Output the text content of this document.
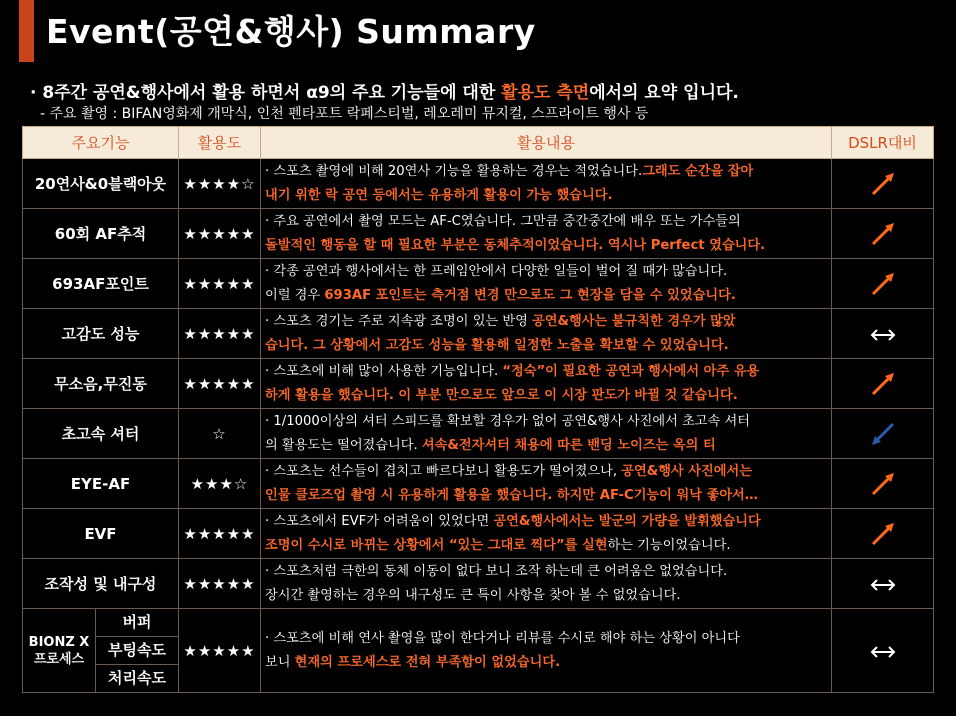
Event(공연&행사) Summary
· 8주간 공연&행사에서 활용 하면서 α9의 주요 기능들에 대한 활용도 측면에서의 요약 입니다.
- 주요 촬영 : BIFAN영화제 개막식, 인천 펜타포트 락페스티벌, 레오레미 뮤지컬, 스프라이트 행사 등
주요기능	활용도	활용내용	DSLR대비
20연사&0블랙아웃	★★★★☆	
· 스포츠 촬영에 비해 20연사 기능을 활용하는 경우는 적었습니다.그래도 순간을 잡아
내기 위한 락 공연 등에서는 유용하게 활용이 가능 했습니다.

60회 AF추적	★★★★★	
· 주요 공연에서 촬영 모드는 AF-C였습니다. 그만큼 중간중간에 배우 또는 가수들의
돌발적인 행동을 할 때 필요한 부분은 동체추적이었습니다. 역시나 Perfect 였습니다.

693AF포인트	★★★★★	
· 각종 공연과 행사에서는 한 프레임안에서 다양한 일들이 벌어 질 때가 많습니다.
이럴 경우 693AF 포인트는 측거점 변경 만으로도 그 현장을 담을 수 있었습니다.

고감도 성능	★★★★★	
· 스포츠 경기는 주로 지속광 조명이 있는 반영 공연&행사는 불규칙한 경우가 많았
습니다. 그 상황에서 고감도 성능을 활용해 일정한 노출을 확보할 수 있었습니다.

무소음,무진동	★★★★★	
· 스포츠에 비해 많이 사용한 기능입니다. “정숙”이 필요한 공연과 행사에서 아주 유용
하게 활용을 했습니다. 이 부분 만으로도 앞으로 이 시장 판도가 바뀔 것 같습니다.

초고속 셔터	☆	
· 1/1000이상의 셔터 스피드를 확보할 경우가 없어 공연&행사 사진에서 초고속 셔터
의 활용도는 떨어졌습니다. 셔속&전자셔터 채용에 따른 밴딩 노이즈는 옥의 티

EYE-AF	★★★☆	
· 스포츠는 선수들이 겹치고 빠르다보니 활용도가 떨어졌으나, 공연&행사 사진에서는
인물 클로즈업 촬영 시 유용하게 활용을 했습니다. 하지만 AF-C기능이 워낙 좋아서…

EVF	★★★★★	
· 스포츠에서 EVF가 어려움이 있었다면 공연&행사에서는 발군의 가량을 발휘했습니다
조명이 수시로 바뀌는 상황에서 “있는 그대로 찍다”를 실현하는 기능이었습니다.

조작성 및 내구성	★★★★★	
· 스포츠처럼 극한의 동체 이동이 없다 보니 조작 하는데 큰 어려움은 없었습니다.
장시간 촬영하는 경우의 내구성도 큰 특이 사항을 찾아 볼 수 없었습니다.

BIONZ X
프로세스	
버퍼
부팅속도
처리속도
	★★★★★	
· 스포츠에 비해 연사 촬영을 많이 한다거나 리뷰를 수시로 해야 하는 상황이 아니다
보니 현재의 프로세스로 전혀 부족함이 없었습니다.
